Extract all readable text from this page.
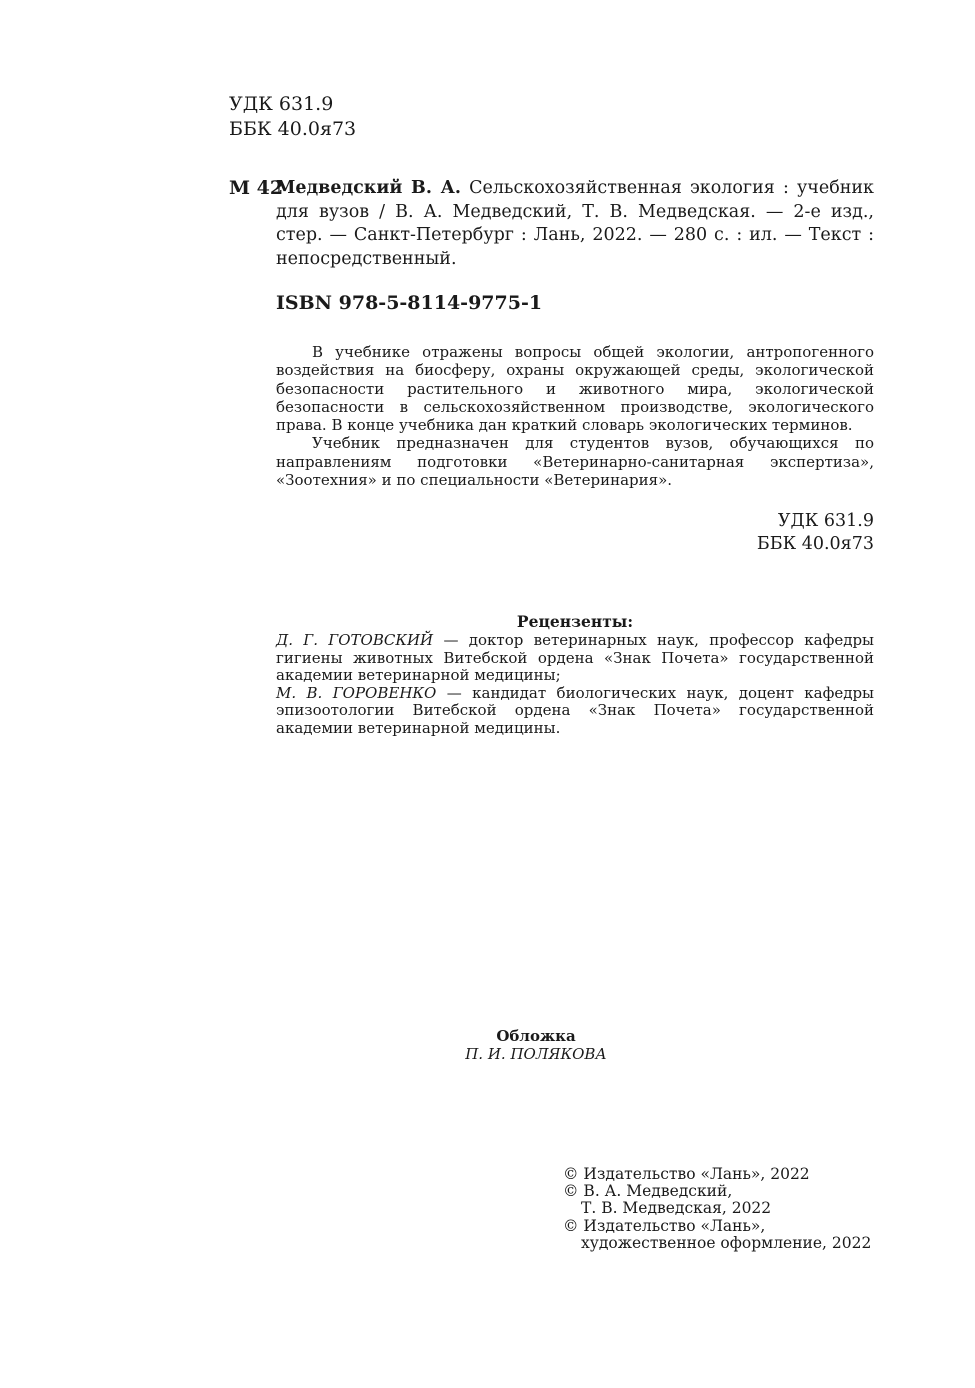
УДК 631.9
ББК 40.0я73
М 42
Медведский В. А. Сельскохозяйственная экология : учебник для вузов / В. А. Медведский, Т. В. Медведская. — 2-е изд., стер. — Санкт-Петербург : Лань, 2022. — 280 с. : ил. — Текст : непосредственный.
ISBN 978-5-8114-9775-1

В учебнике отражены вопросы общей экологии, антропогенного воздействия на биосферу, охраны окружающей среды, экологической безопасности растительного и животного мира, экологической безопасности в сельскохозяйственном производстве, экологического права. В конце учебника дан краткий словарь экологических терминов.

Учебник предназначен для студентов вузов, обучающихся по направлениям подготовки «Ветеринарно-санитарная экспертиза», «Зоотехния» и по специальности «Ветеринария».

УДК 631.9
ББК 40.0я73
Рецензенты:

Д. Г. ГОТОВСКИЙ — доктор ветеринарных наук, профессор кафедры гигиены животных Витебской ордена «Знак Почета» государственной академии ветеринарной медицины;

М. В. ГОРОВЕНКО — кандидат биологических наук, доцент кафедры эпизоотологии Витебской ордена «Знак Почета» государственной академии ветеринарной медицины.

Обложка
П. И. ПОЛЯКОВА
© Издательство «Лань», 2022
© В. А. Медведский,
Т. В. Медведская, 2022
© Издательство «Лань»,
художественное оформление, 2022
